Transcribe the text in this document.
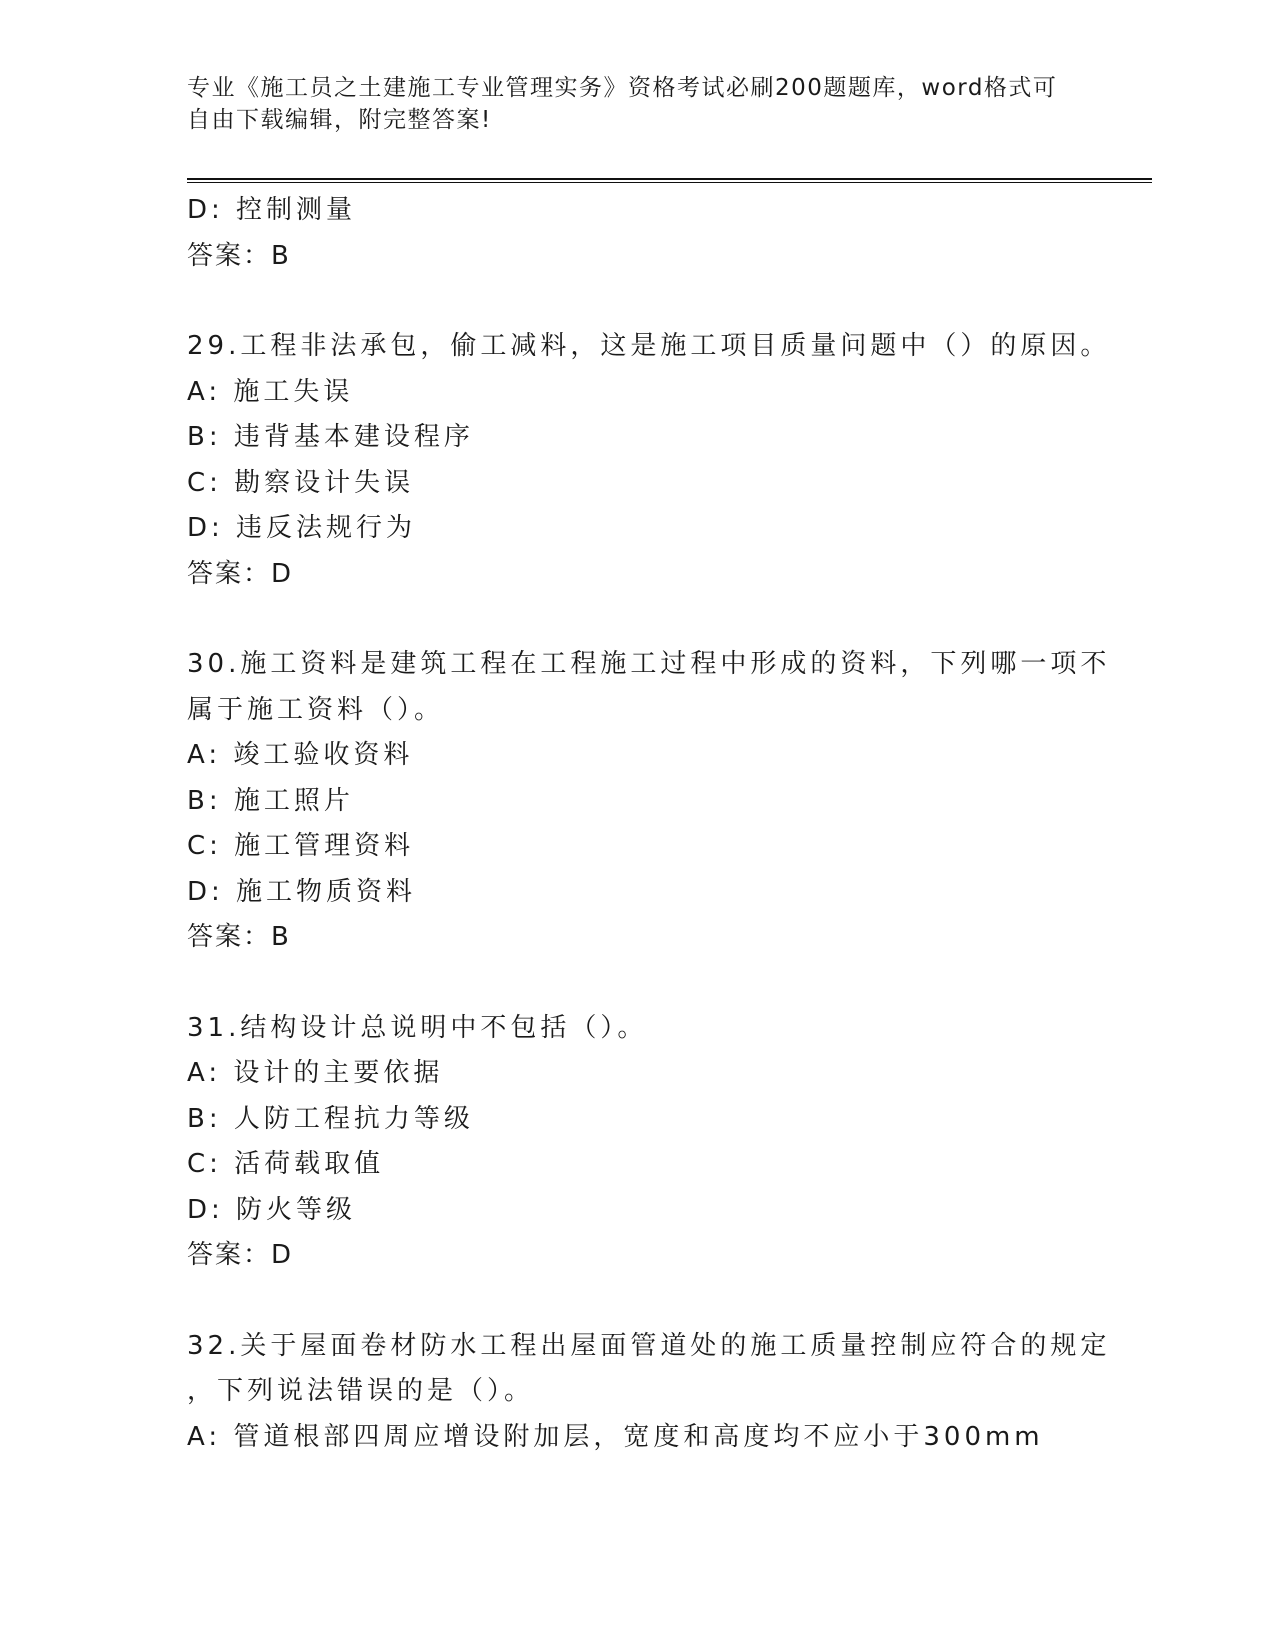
专业《施工员之土建施工专业管理实务》资格考试必刷200题题库，word格式可
自由下载编辑，附完整答案!
D: 控制测量
答案：B
29.工程非法承包，偷工减料，这是施工项目质量问题中（）的原因。
A: 施工失误
B: 违背基本建设程序
C: 勘察设计失误
D: 违反法规行为
答案：D
30.施工资料是建筑工程在工程施工过程中形成的资料，下列哪一项不
属于施工资料（）。
A: 竣工验收资料
B: 施工照片
C: 施工管理资料
D: 施工物质资料
答案：B
31.结构设计总说明中不包括（）。
A: 设计的主要依据
B: 人防工程抗力等级
C: 活荷载取值
D: 防火等级
答案：D
32.关于屋面卷材防水工程出屋面管道处的施工质量控制应符合的规定
，下列说法错误的是（）。
A: 管道根部四周应增设附加层，宽度和高度均不应小于300mm
